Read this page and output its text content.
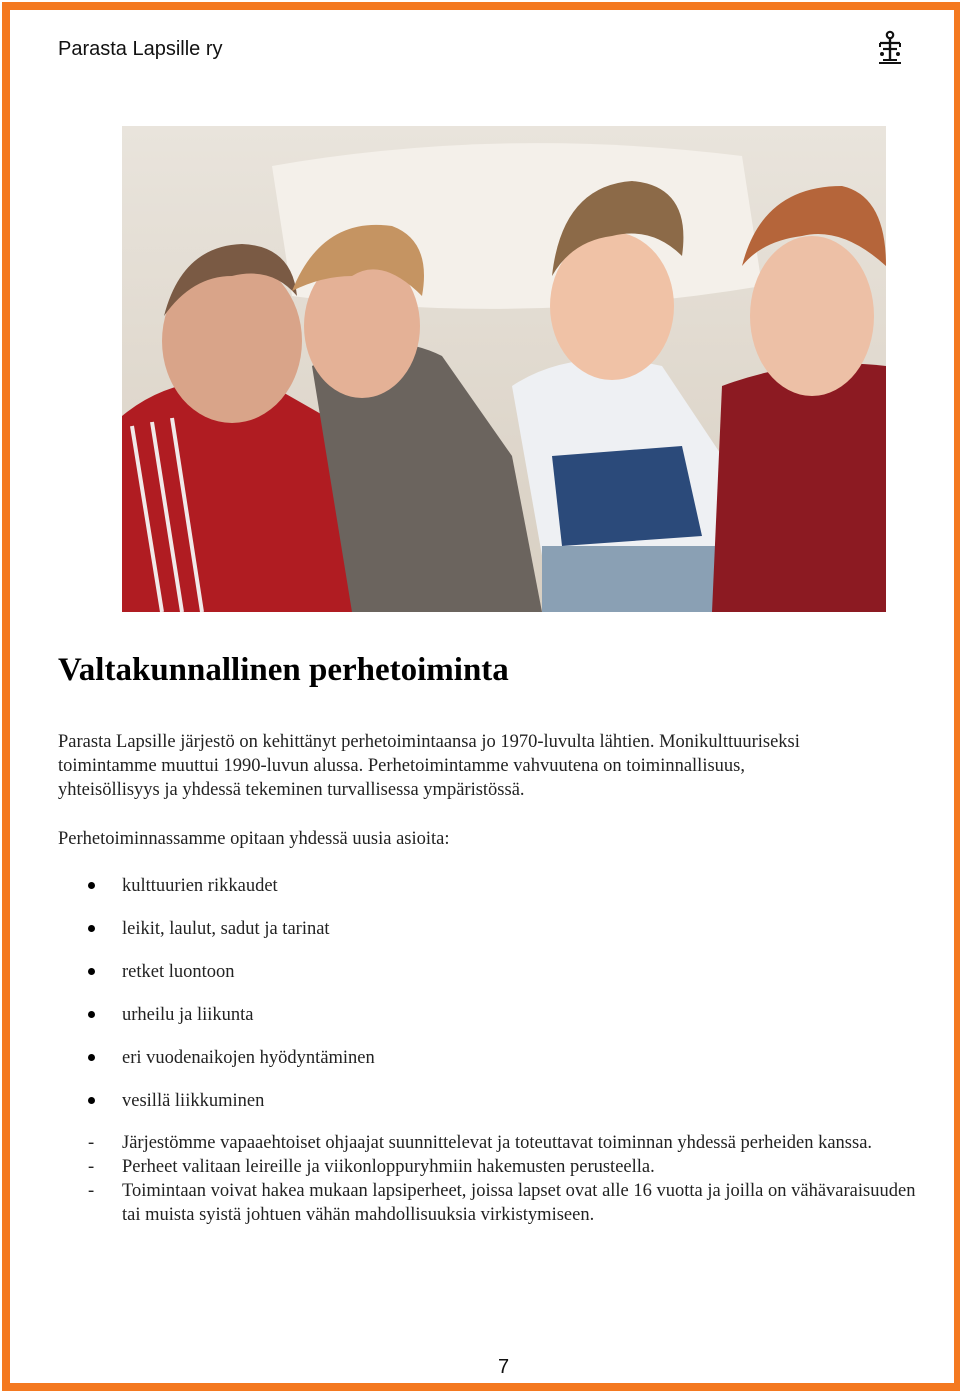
Parasta Lapsille ry
Valtakunnallinen perhetoiminta

Parasta Lapsille järjestö on kehittänyt perhetoimintaansa jo 1970-luvulta lähtien. Monikulttuuriseksi

toimintamme muuttui 1990-luvun alussa. Perhetoimintamme vahvuutena on toiminnallisuus,

yhteisöllisyys ja yhdessä tekeminen turvallisessa ympäristössä.

Perhetoiminnassamme opitaan yhdessä uusia asioita:

kulttuurien rikkaudet
leikit, laulut, sadut ja tarinat
retket luontoon
urheilu ja liikunta
eri vuodenaikojen hyödyntäminen
vesillä liikkuminen
- Järjestömme vapaaehtoiset ohjaajat suunnittelevat ja toteuttavat toiminnan yhdessä perheiden kanssa.
- Perheet valitaan leireille ja viikonloppuryhmiin hakemusten perusteella.
- Toimintaan voivat hakea mukaan lapsiperheet, joissa lapset ovat alle 16 vuotta ja joilla on vähävaraisuuden tai muista syistä johtuen vähän mahdollisuuksia virkistymiseen.
7
